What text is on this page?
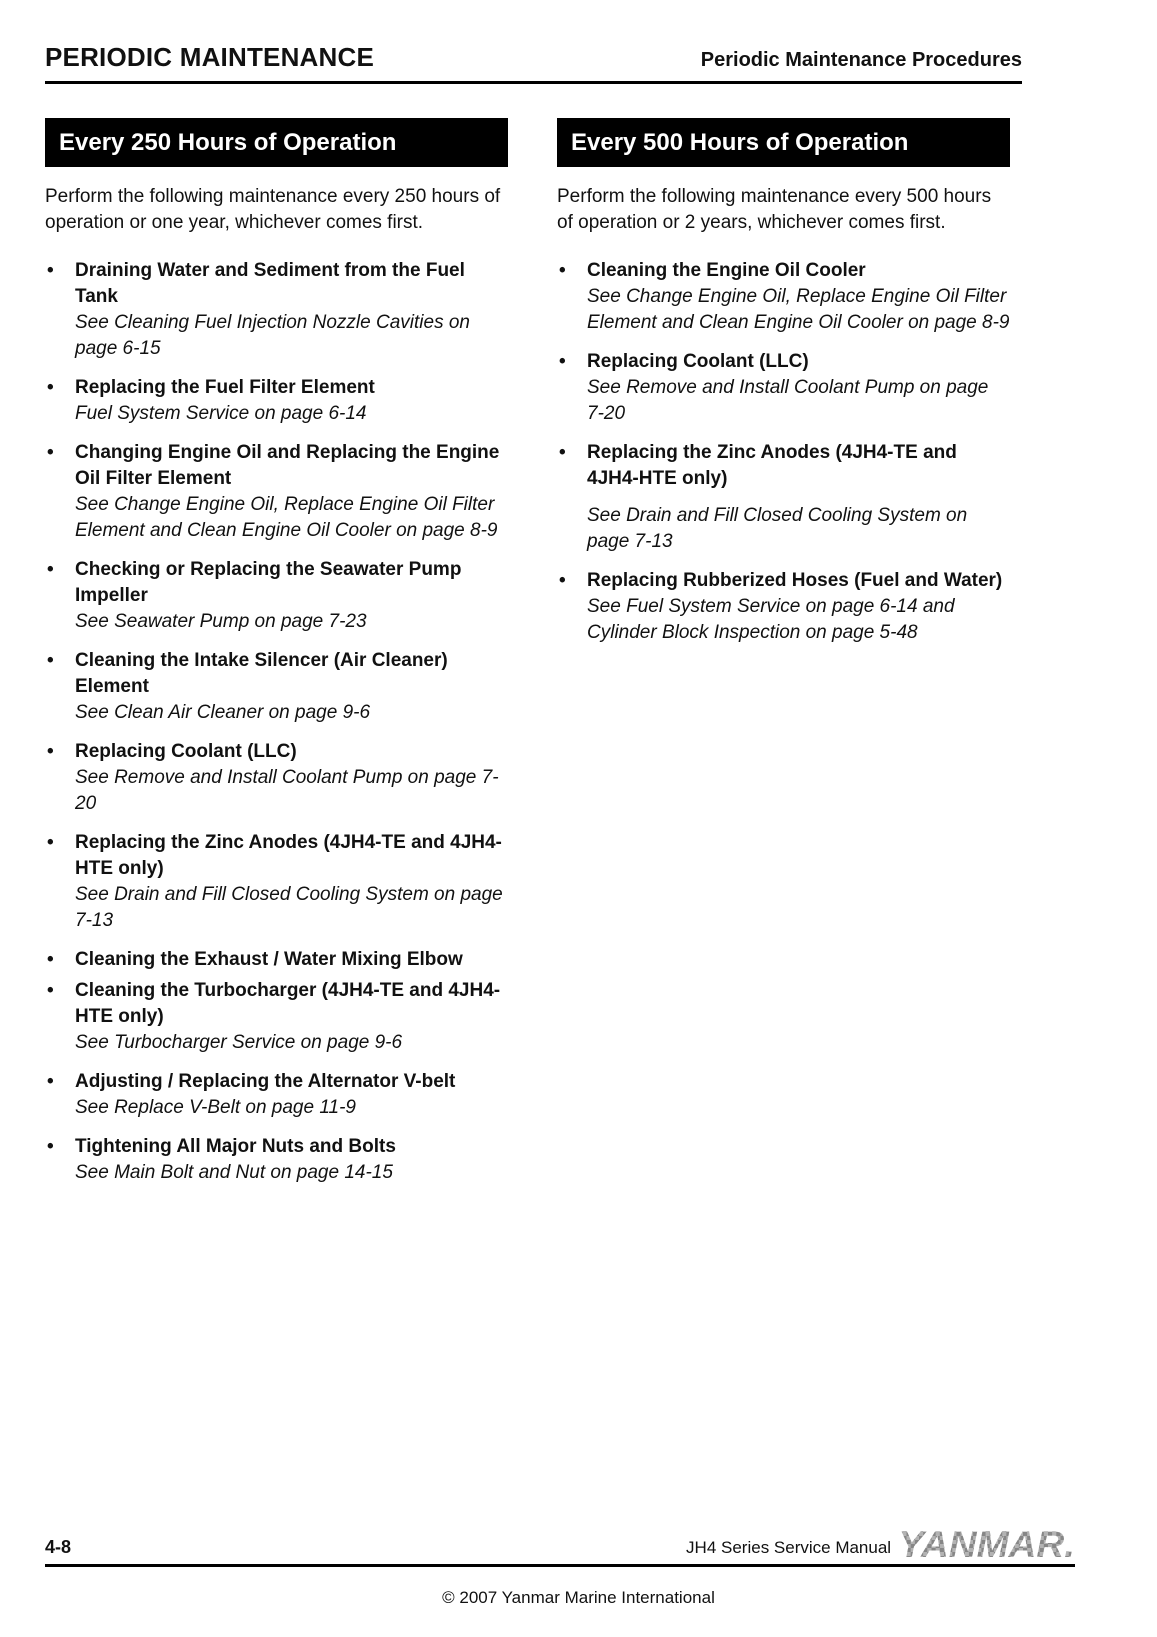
PERIODIC MAINTENANCE	Periodic Maintenance Procedures
Every 250 Hours of Operation

Perform the following maintenance every 250 hours of operation or one year, whichever comes first.

• Draining Water and Sediment from the Fuel Tank
See Cleaning Fuel Injection Nozzle Cavities on page 6-15
• Replacing the Fuel Filter Element
Fuel System Service on page 6-14
• Changing Engine Oil and Replacing the Engine Oil Filter Element
See Change Engine Oil, Replace Engine Oil Filter Element and Clean Engine Oil Cooler on page 8-9
• Checking or Replacing the Seawater Pump Impeller
See Seawater Pump on page 7-23
• Cleaning the Intake Silencer (Air Cleaner) Element
See Clean Air Cleaner on page 9-6
• Replacing Coolant (LLC)
See Remove and Install Coolant Pump on page 7-20
• Replacing the Zinc Anodes (4JH4-TE and 4JH4-HTE only)
See Drain and Fill Closed Cooling System on page 7-13
• Cleaning the Exhaust / Water Mixing Elbow
• Cleaning the Turbocharger (4JH4-TE and 4JH4-HTE only)
See Turbocharger Service on page 9-6
• Adjusting / Replacing the Alternator V-belt
See Replace V-Belt on page 11-9
• Tightening All Major Nuts and Bolts
See Main Bolt and Nut on page 14-15
Every 500 Hours of Operation

Perform the following maintenance every 500 hours of operation or 2 years, whichever comes first.

• Cleaning the Engine Oil Cooler
See Change Engine Oil, Replace Engine Oil Filter Element and Clean Engine Oil Cooler on page 8-9
• Replacing Coolant (LLC)
See Remove and Install Coolant Pump on page 7-20
• Replacing the Zinc Anodes (4JH4-TE and 4JH4-HTE only)
See Drain and Fill Closed Cooling System on page 7-13
• Replacing Rubberized Hoses (Fuel and Water)
See Fuel System Service on page 6-14 and Cylinder Block Inspection on page 5-48
4-8	JH4 Series Service Manual YANMAR.
© 2007 Yanmar Marine International
